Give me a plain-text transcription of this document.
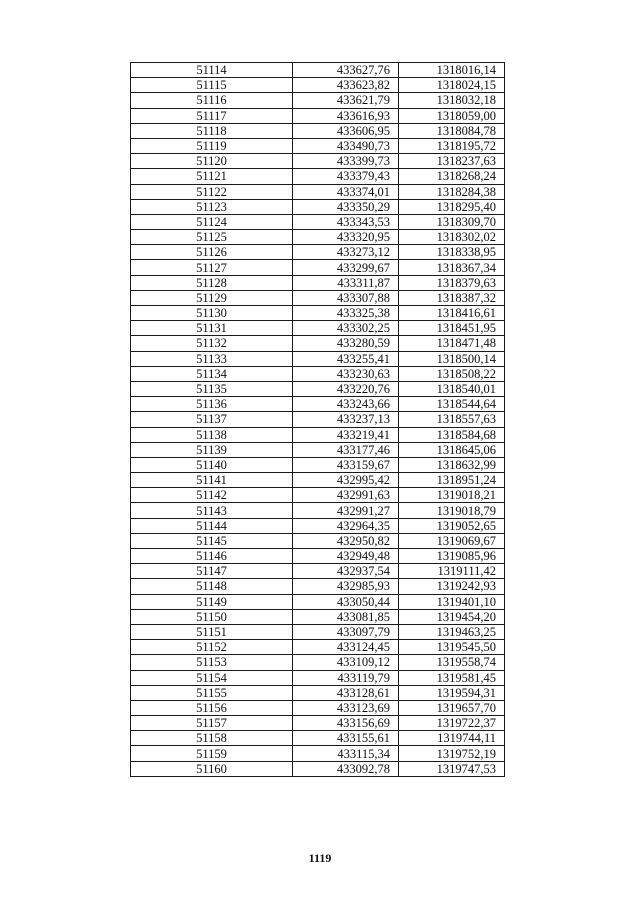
51114	433627,76	1318016,14
51115	433623,82	1318024,15
51116	433621,79	1318032,18
51117	433616,93	1318059,00
51118	433606,95	1318084,78
51119	433490,73	1318195,72
51120	433399,73	1318237,63
51121	433379,43	1318268,24
51122	433374,01	1318284,38
51123	433350,29	1318295,40
51124	433343,53	1318309,70
51125	433320,95	1318302,02
51126	433273,12	1318338,95
51127	433299,67	1318367,34
51128	433311,87	1318379,63
51129	433307,88	1318387,32
51130	433325,38	1318416,61
51131	433302,25	1318451,95
51132	433280,59	1318471,48
51133	433255,41	1318500,14
51134	433230,63	1318508,22
51135	433220,76	1318540,01
51136	433243,66	1318544,64
51137	433237,13	1318557,63
51138	433219,41	1318584,68
51139	433177,46	1318645,06
51140	433159,67	1318632,99
51141	432995,42	1318951,24
51142	432991,63	1319018,21
51143	432991,27	1319018,79
51144	432964,35	1319052,65
51145	432950,82	1319069,67
51146	432949,48	1319085,96
51147	432937,54	1319111,42
51148	432985,93	1319242,93
51149	433050,44	1319401,10
51150	433081,85	1319454,20
51151	433097,79	1319463,25
51152	433124,45	1319545,50
51153	433109,12	1319558,74
51154	433119,79	1319581,45
51155	433128,61	1319594,31
51156	433123,69	1319657,70
51157	433156,69	1319722,37
51158	433155,61	1319744,11
51159	433115,34	1319752,19
51160	433092,78	1319747,53
1119
